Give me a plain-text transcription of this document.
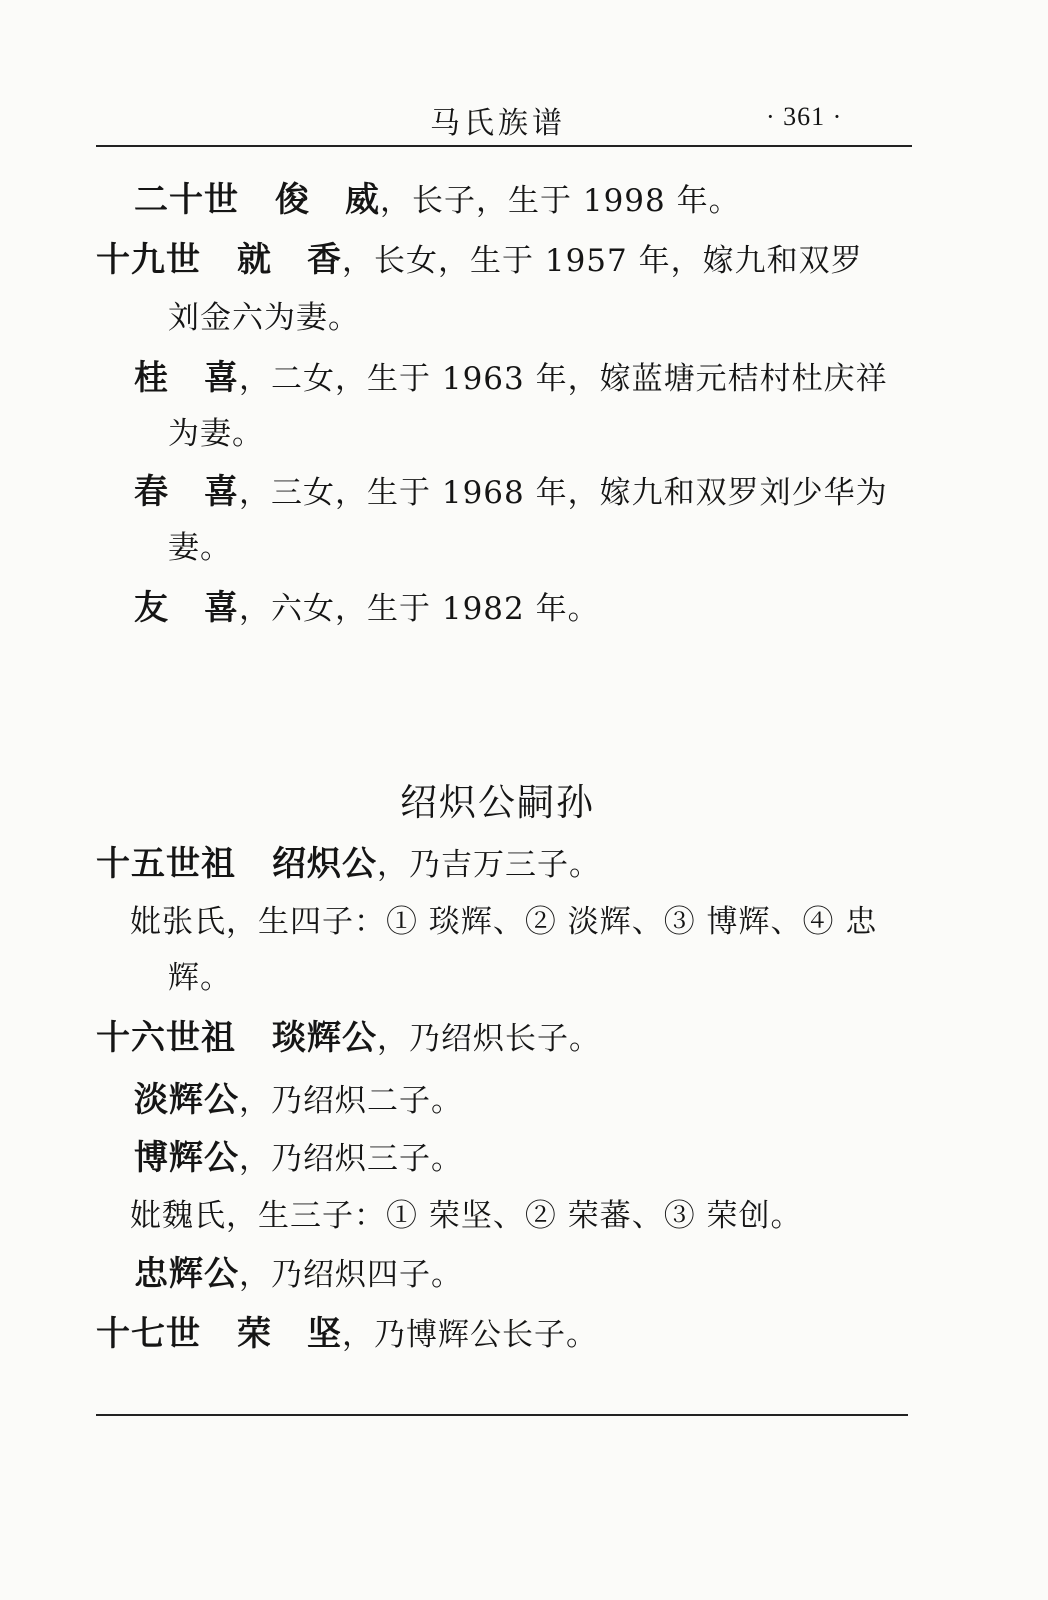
马氏族谱	· 361 ·
二十世 俊　威，长子，生于 1998 年。
十九世 就　香，长女，生于 1957 年，嫁九和双罗
刘金六为妻。
桂　喜，二女，生于 1963 年，嫁蓝塘元桔村杜庆祥
为妻。
春　喜，三女，生于 1968 年，嫁九和双罗刘少华为
妻。
友　喜，六女，生于 1982 年。
绍炽公嗣孙
十五世祖 绍炽公，乃吉万三子。
妣张氏，生四子：① 琰辉、② 淡辉、③ 博辉、④ 忠
辉。
十六世祖 琰辉公，乃绍炽长子。
淡辉公，乃绍炽二子。
博辉公，乃绍炽三子。
妣魏氏，生三子：① 荣坚、② 荣蕃、③ 荣创。
忠辉公，乃绍炽四子。
十七世 荣　坚，乃博辉公长子。
